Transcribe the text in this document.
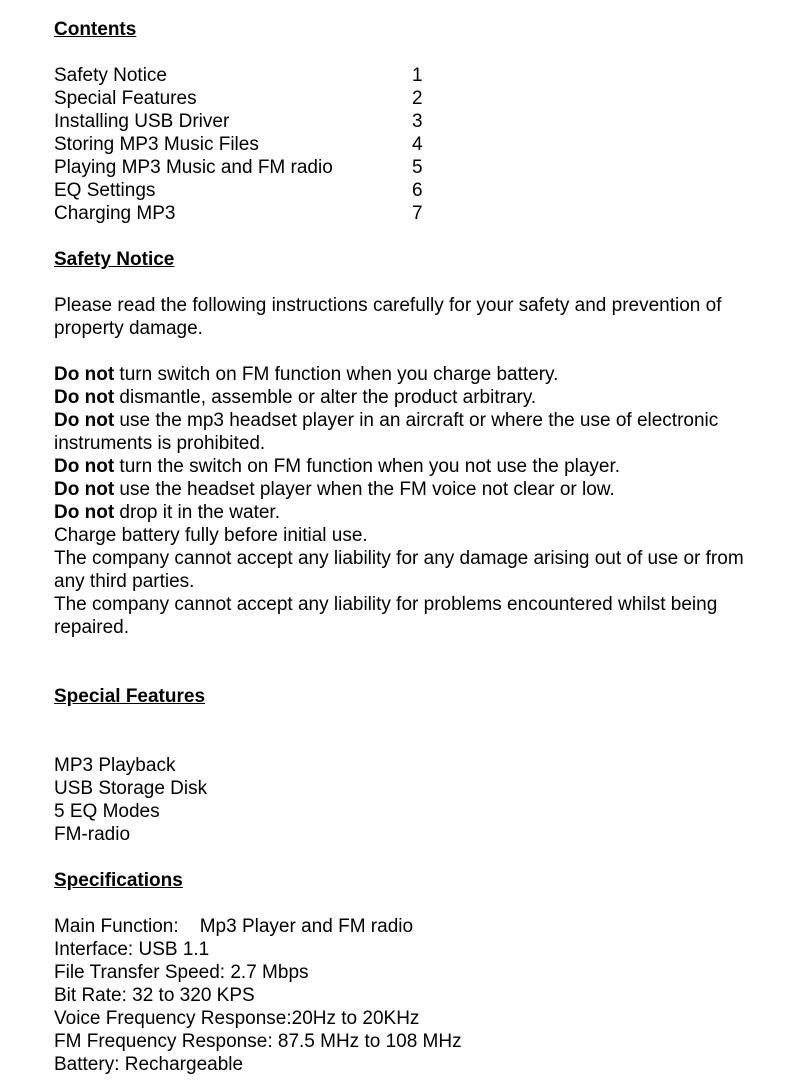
Contents
Safety Notice	1
Special Features	2
Installing USB Driver	3
Storing MP3 Music Files	4
Playing MP3 Music and FM radio	5
EQ Settings	6
Charging MP3	7
Safety Notice
Please read the following instructions carefully for your safety and prevention of property damage.
Do not turn switch on FM function when you charge battery.
Do not dismantle, assemble or alter the product arbitrary.
Do not use the mp3 headset player in an aircraft or where the use of electronic instruments is prohibited.
Do not turn the switch on FM function when you not use the player.
Do not use the headset player when the FM voice not clear or low.
Do not drop it in the water.
Charge battery fully before initial use.
The company cannot accept any liability for any damage arising out of use or from any third parties.
The company cannot accept any liability for problems encountered whilst being repaired.
Special Features
MP3 Playback
USB Storage Disk
5 EQ Modes
FM-radio
Specifications
Main Function:    Mp3 Player and FM radio
Interface: USB 1.1
File Transfer Speed: 2.7 Mbps
Bit Rate: 32 to 320 KPS
Voice Frequency Response:20Hz to 20KHz
FM Frequency Response: 87.5 MHz to 108 MHz
Battery: Rechargeable
